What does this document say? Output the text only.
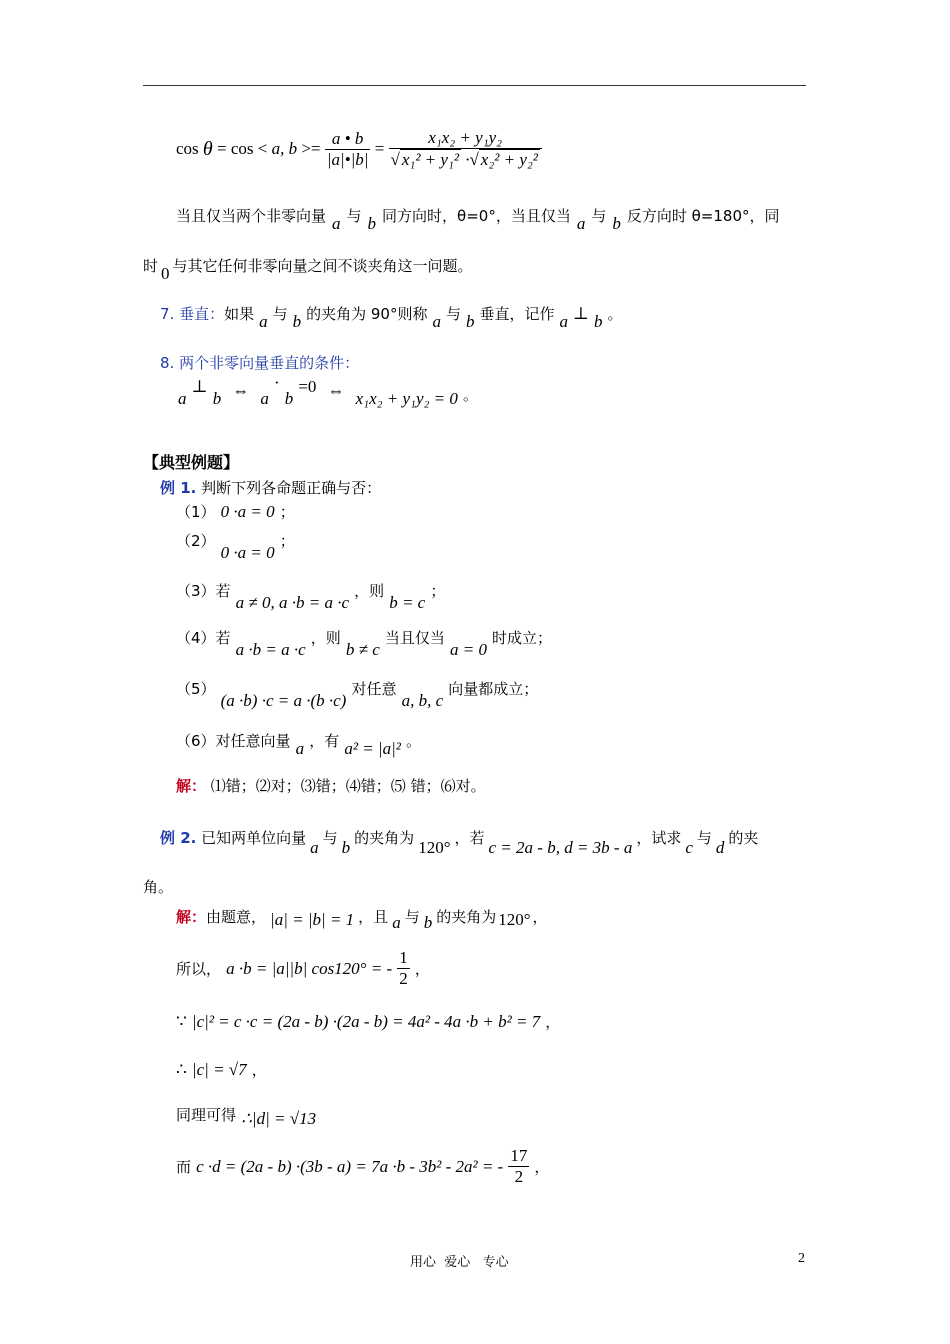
cos θ = cos < a, $b >= \frac{a • b}{|a|•|b|} = \frac{\text{x₁x₂ + y₁y₂}}{\text{√ x₁² + y₁² ·√ x₂² + y₂²}}$
当且仅当两个非零向量 a 与 b 同方向时，θ=0°，当且仅当 a 与 b 反方向时 θ=180°，同
时 0 与其它任何非零向量之间不谈夹角这一问题。
7. 垂直：如果 a 与 b 的夹角为 90°则称 a 与 b 垂直，记作 a ⊥ b 。
8. 两个非零向量垂直的条件：
a ⊥ b ⇔ a · b =0 ⇔ x₁x₂ + y₁y₂ = 0 。
【典型例题】
例 1. 判断下列各命题正确与否：
（1） 0 ·a = 0 ；
（2） 0 ·a = 0 ；
（3）若 a ≠ 0, a ·b = a ·c ，则 b = c ；
（4）若 a ·b = a ·c ，则 b ≠ c 当且仅当 a = 0 时成立；
（5） (a ·b) ·c = a ·(b ·c) 对任意 a, b, c 向量都成立；
（6）对任意向量 a ，有 a² = |a|² 。
解： ⑴错；⑵对；⑶错；⑷错；⑸ 错；⑹对。
例 2. 已知两单位向量 a 与 b 的夹角为 120° ，若 c = 2a - b, d = 3b - a ，试求 c 与 d 的夹
角。
解：由题意， |a| = |b| = 1 ，且 a 与 b 的夹角为 120° ，
所以， a ·b = |a||b| cos120° = - $\frac{1}{2}$ ，
∵ |c|² = c ·c = (2a - b) ·(2a - b) = 4a² - 4a ·b + b² = 7 ，
∴ |c| = √7 ，
同理可得 ∴|d| = √13
而 c ·d = (2a - b) ·(3b - a) = 7a ·b - 3b² - 2a² = - $\frac{17}{2}$ ，
用心  爱心   专心	2
